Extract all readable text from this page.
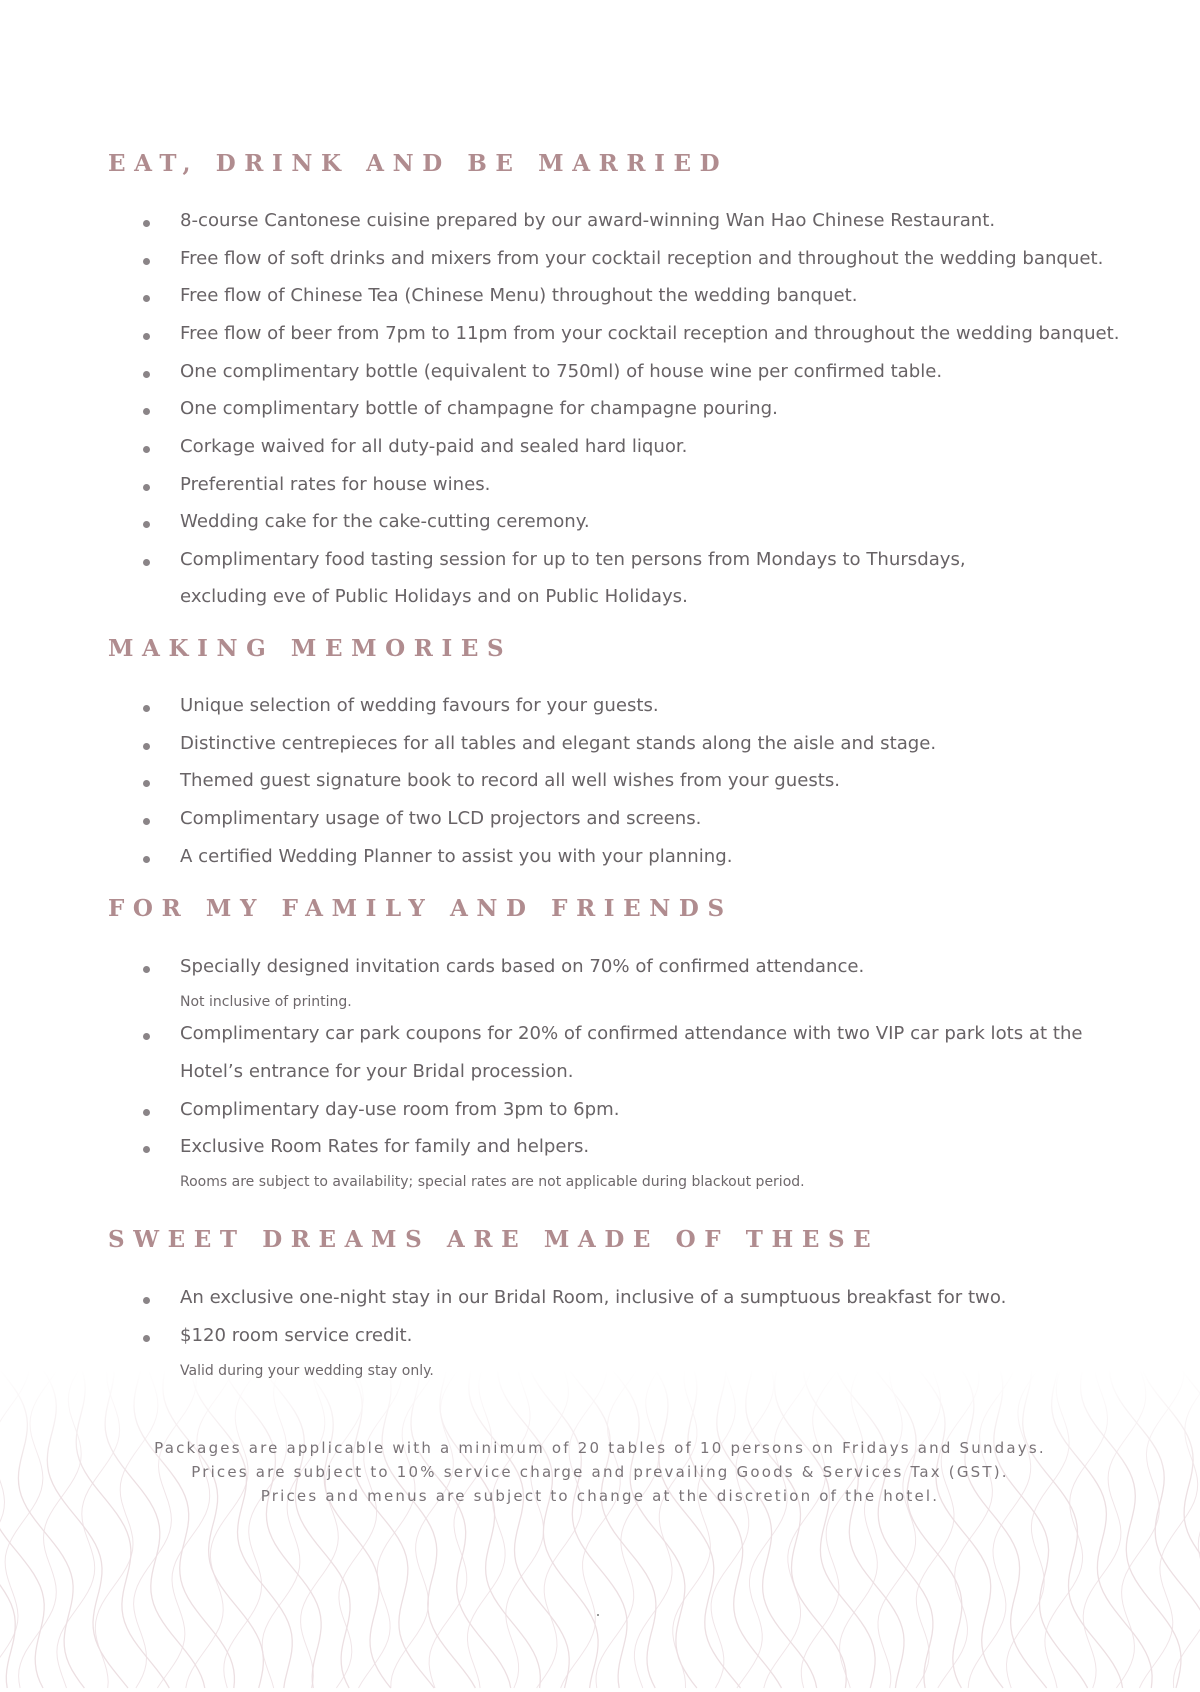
EAT, DRINK AND BE MARRIED
8-course Cantonese cuisine prepared by our award-winning Wan Hao Chinese Restaurant.
Free flow of soft drinks and mixers from your cocktail reception and throughout the wedding banquet.
Free flow of Chinese Tea (Chinese Menu) throughout the wedding banquet.
Free flow of beer from 7pm to 11pm from your cocktail reception and throughout the wedding banquet.
One complimentary bottle (equivalent to 750ml) of house wine per confirmed table.
One complimentary bottle of champagne for champagne pouring.
Corkage waived for all duty-paid and sealed hard liquor.
Preferential rates for house wines.
Wedding cake for the cake-cutting ceremony.
Complimentary food tasting session for up to ten persons from Mondays to Thursdays,
excluding eve of Public Holidays and on Public Holidays.
MAKING MEMORIES
Unique selection of wedding favours for your guests.
Distinctive centrepieces for all tables and elegant stands along the aisle and stage.
Themed guest signature book to record all well wishes from your guests.
Complimentary usage of two LCD projectors and screens.
A certified Wedding Planner to assist you with your planning.
FOR MY FAMILY AND FRIENDS
Specially designed invitation cards based on 70% of confirmed attendance.
Not inclusive of printing.
Complimentary car park coupons for 20% of confirmed attendance with two VIP car park lots at the
Hotel’s entrance for your Bridal procession.
Complimentary day-use room from 3pm to 6pm.
Exclusive Room Rates for family and helpers.
Rooms are subject to availability; special rates are not applicable during blackout period.
SWEET DREAMS ARE MADE OF THESE
An exclusive one-night stay in our Bridal Room, inclusive of a sumptuous breakfast for two.
$120 room service credit.
Valid during your wedding stay only.
Packages are applicable with a minimum of 20 tables of 10 persons on Fridays and Sundays.
Prices are subject to 10% service charge and prevailing Goods & Services Tax (GST).
Prices and menus are subject to change at the discretion of the hotel.
